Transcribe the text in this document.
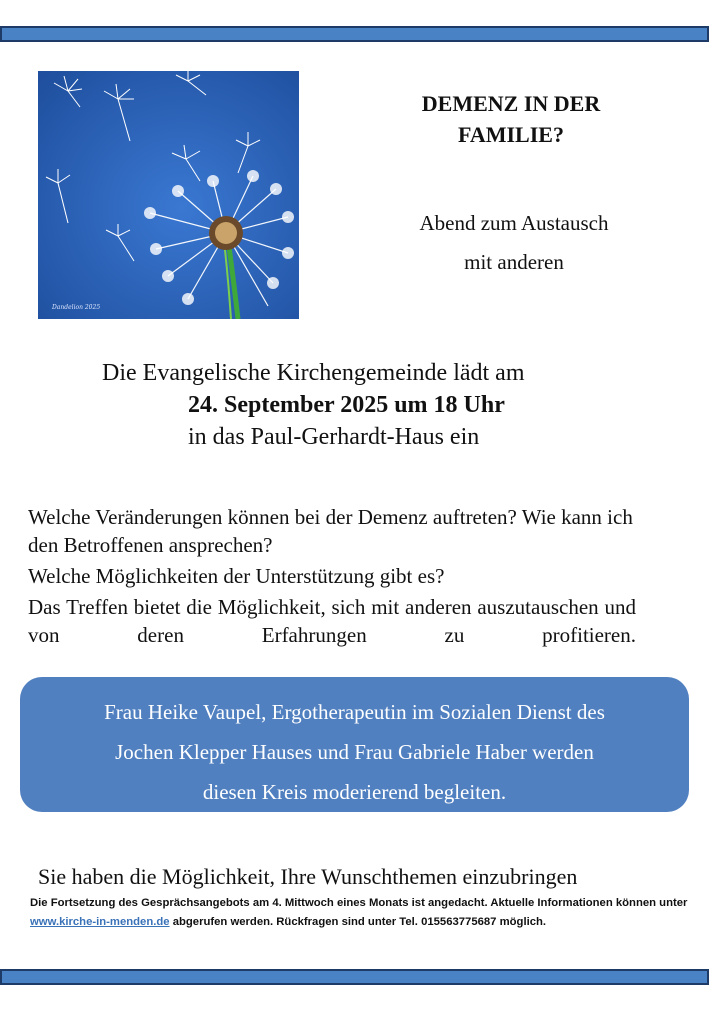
Dandelion 2025
DEMENZ IN DER
FAMILIE?
Abend zum Austausch
mit anderen
Die Evangelische Kirchengemeinde lädt am
24. September 2025 um 18 Uhr
in das Paul-Gerhardt-Haus ein

Welche Veränderungen können bei der Demenz auftreten? Wie kann ich den Betroffenen ansprechen?

Welche Möglichkeiten der Unterstützung gibt es?

Das Treffen bietet die Möglichkeit, sich mit anderen auszutauschen und von deren Erfahrungen zu profitieren.

Frau Heike Vaupel, Ergotherapeutin im Sozialen Dienst des
Jochen Klepper Hauses und Frau Gabriele Haber werden
diesen Kreis moderierend begleiten.
Sie haben die Möglichkeit, Ihre Wunschthemen einzubringen
Die Fortsetzung des Gesprächsangebots am 4. Mittwoch eines Monats ist angedacht. Aktuelle Informationen können unter www.kirche-in-menden.de abgerufen werden. Rückfragen sind unter Tel. 015563775687 möglich.
